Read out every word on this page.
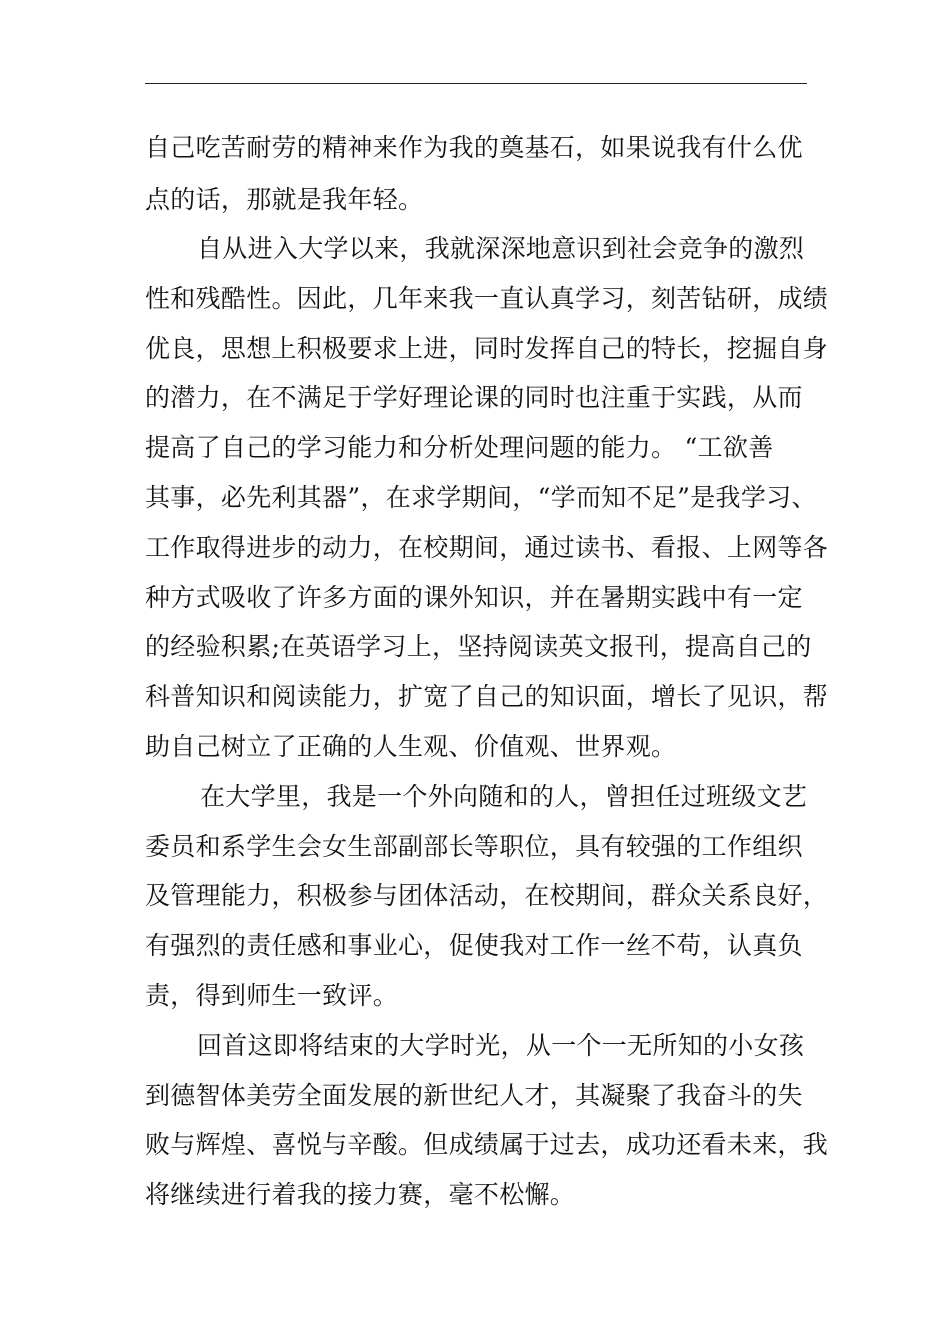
自己吃苦耐劳的精神来作为我的奠基石，如果说我有什么优
点的话，那就是我年轻。
自从进入大学以来，我就深深地意识到社会竞争的激烈
性和残酷性。因此，几年来我一直认真学习，刻苦钻研，成绩
优良，思想上积极要求上进，同时发挥自己的特长，挖掘自身
的潜力，在不满足于学好理论课的同时也注重于实践，从而
提高了自己的学习能力和分析处理问题的能力。 “工欲善
其事，必先利其器”，在求学期间，“学而知不足”是我学习、
工作取得进步的动力，在校期间，通过读书、看报、上网等各
种方式吸收了许多方面的课外知识，并在暑期实践中有一定
的经验积累;在英语学习上，坚持阅读英文报刊，提高自己的
科普知识和阅读能力，扩宽了自己的知识面，增长了见识，帮
助自己树立了正确的人生观、价值观、世界观。
在大学里，我是一个外向随和的人，曾担任过班级文艺
委员和系学生会女生部副部长等职位，具有较强的工作组织
及管理能力，积极参与团体活动，在校期间，群众关系良好，
有强烈的责任感和事业心，促使我对工作一丝不苟，认真负
责，得到师生一致评。
回首这即将结束的大学时光，从一个一无所知的小女孩
到德智体美劳全面发展的新世纪人才，其凝聚了我奋斗的失
败与辉煌、喜悦与辛酸。但成绩属于过去，成功还看未来，我
将继续进行着我的接力赛，毫不松懈。
